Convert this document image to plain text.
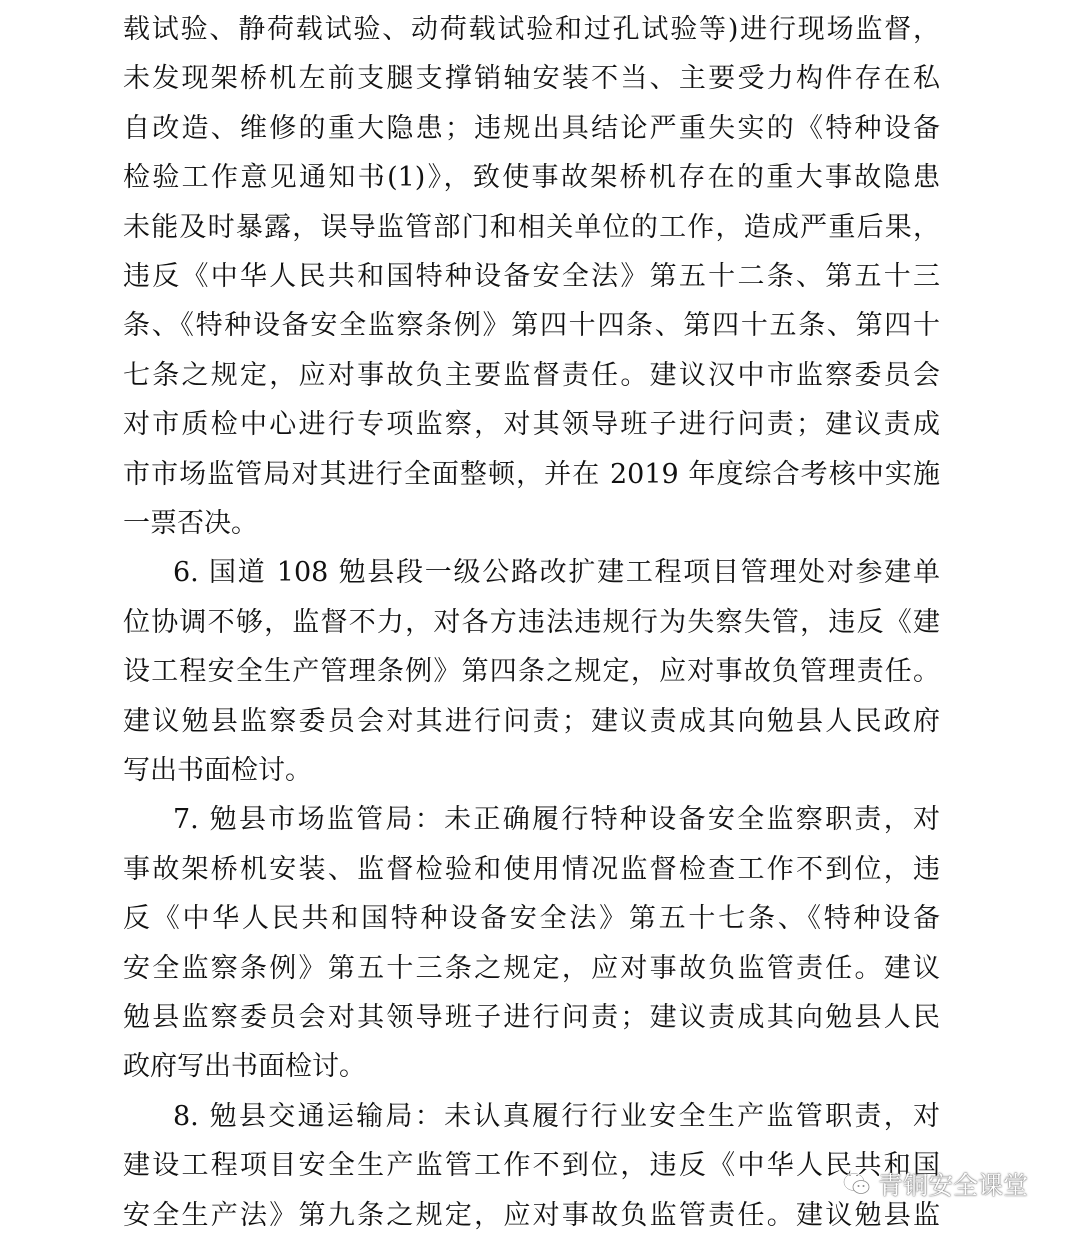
载试验、静荷载试验、动荷载试验和过孔试验等)进行现场监督，
未发现架桥机左前支腿支撑销轴安装不当、主要受力构件存在私
自改造、维修的重大隐患；违规出具结论严重失实的《特种设备
检验工作意见通知书(1)》，致使事故架桥机存在的重大事故隐患
未能及时暴露，误导监管部门和相关单位的工作，造成严重后果，
违反《中华人民共和国特种设备安全法》第五十二条、第五十三
条、《特种设备安全监察条例》第四十四条、第四十五条、第四十
七条之规定，应对事故负主要监督责任。建议汉中市监察委员会
对市质检中心进行专项监察，对其领导班子进行问责；建议责成
市市场监管局对其进行全面整顿，并在 2019 年度综合考核中实施
一票否决。
6. 国道 108 勉县段一级公路改扩建工程项目管理处对参建单
位协调不够，监督不力，对各方违法违规行为失察失管，违反《建
设工程安全生产管理条例》第四条之规定，应对事故负管理责任。
建议勉县监察委员会对其进行问责；建议责成其向勉县人民政府
写出书面检讨。
7. 勉县市场监管局：未正确履行特种设备安全监察职责，对
事故架桥机安装、监督检验和使用情况监督检查工作不到位，违
反《中华人民共和国特种设备安全法》第五十七条、《特种设备
安全监察条例》第五十三条之规定，应对事故负监管责任。建议
勉县监察委员会对其领导班子进行问责；建议责成其向勉县人民
政府写出书面检讨。
8. 勉县交通运输局：未认真履行行业安全生产监管职责，对
建设工程项目安全生产监管工作不到位，违反《中华人民共和国
安全生产法》第九条之规定，应对事故负监管责任。建议勉县监
青铜安全课堂
